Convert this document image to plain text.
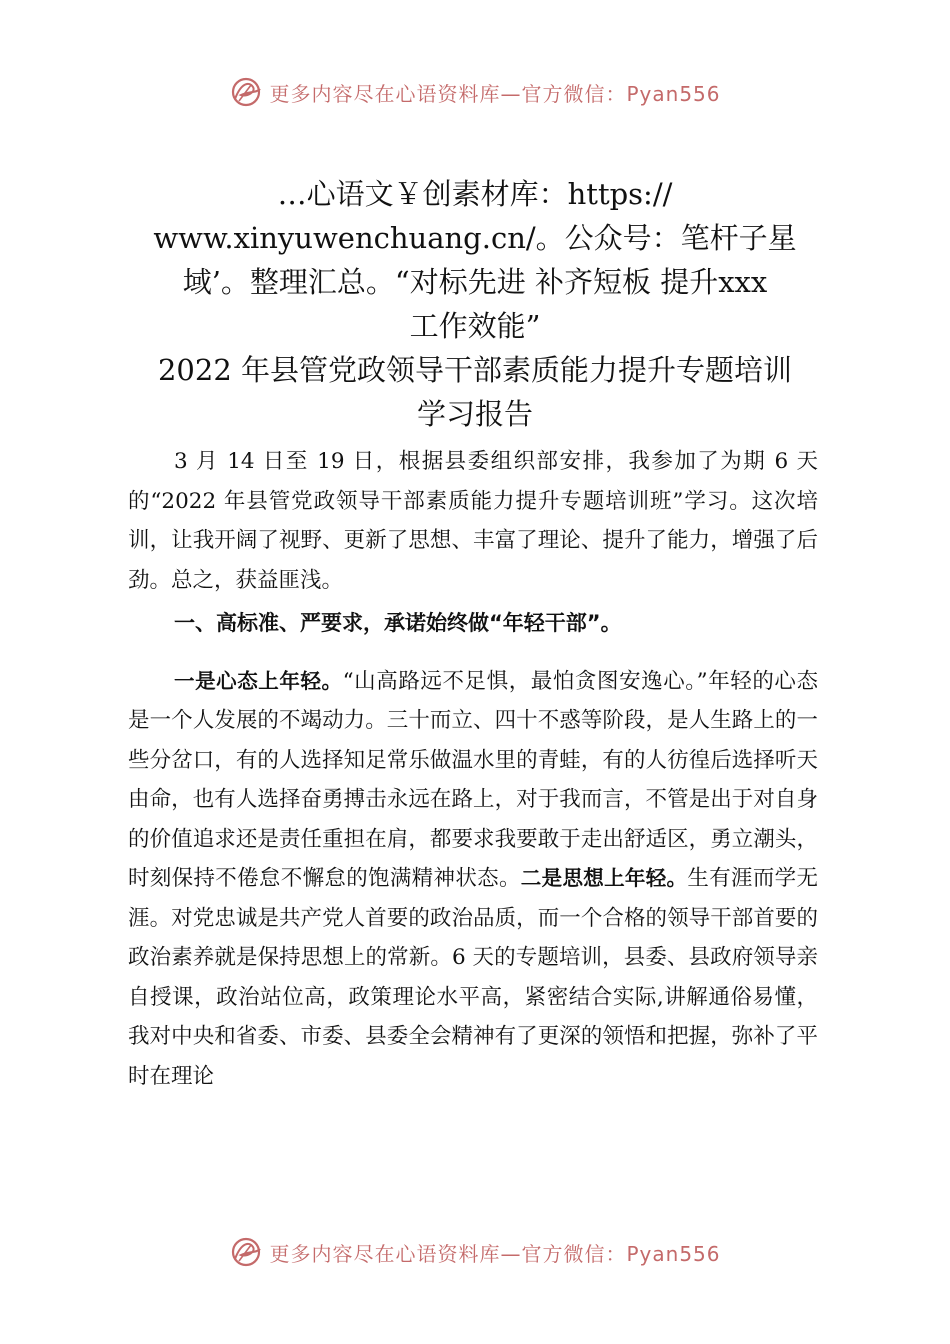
更多内容尽在心语资料库—官方微信：Pyan556
…心语文￥创素材库：https://
www.xinyuwenchuang.cn/。公众号：笔杆子星
域’。整理汇总。“对标先进 补齐短板 提升xxx
工作效能”
2022 年县管党政领导干部素质能力提升专题培训
学习报告

3 月 14 日至 19 日，根据县委组织部安排，我参加了为期 6 天的“2022 年县管党政领导干部素质能力提升专题培训班”学习。这次培训，让我开阔了视野、更新了思想、丰富了理论、提升了能力，增强了后劲。总之，获益匪浅。

一、高标准、严要求，承诺始终做“年轻干部”。

一是心态上年轻。“山高路远不足惧，最怕贪图安逸心。”年轻的心态是一个人发展的不竭动力。三十而立、四十不惑等阶段，是人生路上的一些分岔口，有的人选择知足常乐做温水里的青蛙，有的人彷徨后选择听天由命，也有人选择奋勇搏击永远在路上，对于我而言，不管是出于对自身的价值追求还是责任重担在肩，都要求我要敢于走出舒适区，勇立潮头，时刻保持不倦怠不懈怠的饱满精神状态。二是思想上年轻。生有涯而学无涯。对党忠诚是共产党人首要的政治品质，而一个合格的领导干部首要的政治素养就是保持思想上的常新。6 天的专题培训，县委、县政府领导亲自授课，政治站位高，政策理论水平高，紧密结合实际,讲解通俗易懂，我对中央和省委、市委、县委全会精神有了更深的领悟和把握，弥补了平时在理论

更多内容尽在心语资料库—官方微信：Pyan556
